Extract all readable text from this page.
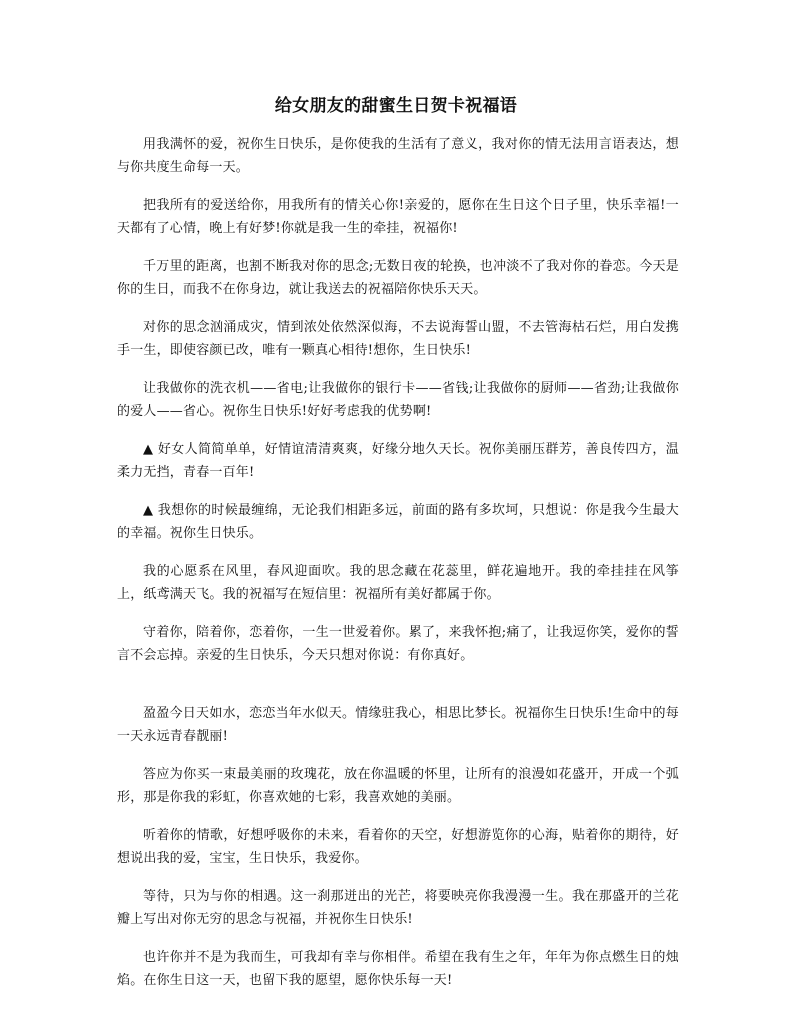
给女朋友的甜蜜生日贺卡祝福语

用我满怀的爱，祝你生日快乐，是你使我的生活有了意义，我对你的情无法用言语表达，想与你共度生命每一天。

把我所有的爱送给你，用我所有的情关心你!亲爱的，愿你在生日这个日子里，快乐幸福!一天都有了心情，晚上有好梦!你就是我一生的牵挂，祝福你!

千万里的距离，也割不断我对你的思念;无数日夜的轮换，也冲淡不了我对你的眷恋。今天是你的生日，而我不在你身边，就让我送去的祝福陪你快乐天天。

对你的思念汹涌成灾，情到浓处依然深似海，不去说海誓山盟，不去管海枯石烂，用白发携手一生，即使容颜已改，唯有一颗真心相待!想你，生日快乐!

让我做你的洗衣机——省电;让我做你的银行卡——省钱;让我做你的厨师——省劲;让我做你的爱人——省心。祝你生日快乐!好好考虑我的优势啊!

▲ 好女人简简单单，好情谊清清爽爽，好缘分地久天长。祝你美丽压群芳，善良传四方，温柔力无挡，青春一百年!

▲ 我想你的时候最缠绵，无论我们相距多远，前面的路有多坎坷，只想说：你是我今生最大的幸福。祝你生日快乐。

我的心愿系在风里，春风迎面吹。我的思念藏在花蕊里，鲜花遍地开。我的牵挂挂在风筝上，纸鸢满天飞。我的祝福写在短信里：祝福所有美好都属于你。

守着你，陪着你，恋着你，一生一世爱着你。累了，来我怀抱;痛了，让我逗你笑，爱你的誓言不会忘掉。亲爱的生日快乐，今天只想对你说：有你真好。

盈盈今日天如水，恋恋当年水似天。情缘驻我心，相思比梦长。祝福你生日快乐!生命中的每一天永远青春靓丽!

答应为你买一束最美丽的玫瑰花，放在你温暖的怀里，让所有的浪漫如花盛开，开成一个弧形，那是你我的彩虹，你喜欢她的七彩，我喜欢她的美丽。

听着你的情歌，好想呼吸你的未来，看着你的天空，好想游览你的心海，贴着你的期待，好想说出我的爱，宝宝，生日快乐，我爱你。

等待，只为与你的相遇。这一刹那迸出的光芒，将要映亮你我漫漫一生。我在那盛开的兰花瓣上写出对你无穷的思念与祝福，并祝你生日快乐!

也许你并不是为我而生，可我却有幸与你相伴。希望在我有生之年，年年为你点燃生日的烛焰。在你生日这一天，也留下我的愿望，愿你快乐每一天!
